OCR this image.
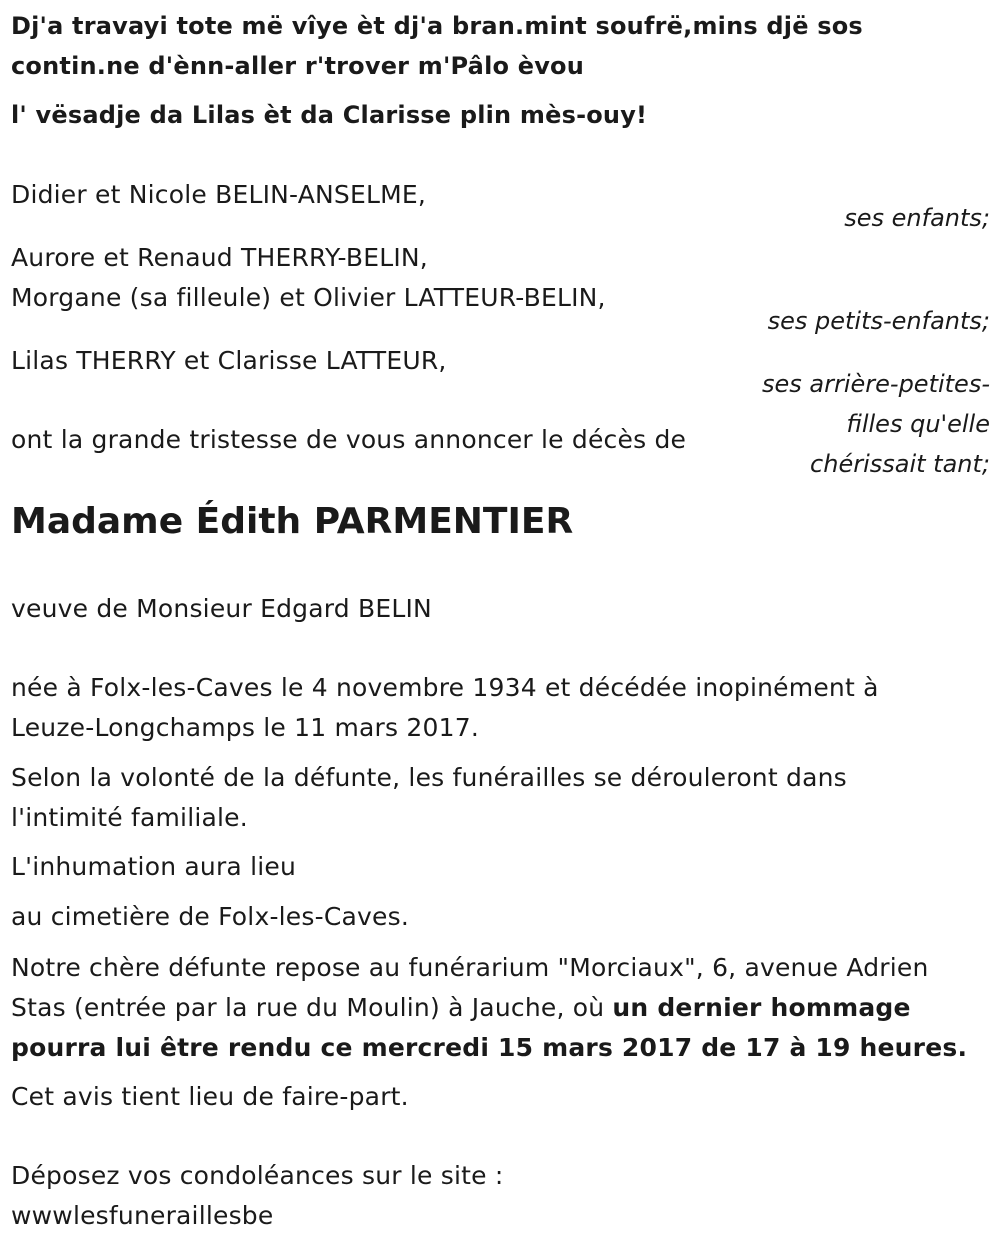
Dj'a travayi tote më vîye èt dj'a bran.mint soufrë,mins djë sos
contin.ne d'ènn-aller r'trover m'Pâlo èvou
l' vësadje da Lilas èt da Clarisse plin mès-ouy!
Didier et Nicole BELIN-ANSELME,
ses enfants;
Aurore et Renaud THERRY-BELIN,
Morgane (sa filleule) et Olivier LATTEUR-BELIN,
ses petits-enfants;
Lilas THERRY et Clarisse LATTEUR,
ses arrière-petites-
filles qu'elle
chérissait tant;
ont la grande tristesse de vous annoncer le décès de
Madame Édith PARMENTIER
veuve de Monsieur Edgard BELIN
née à Folx-les-Caves le 4 novembre 1934 et décédée inopinément à
Leuze-Longchamps le 11 mars 2017.
Selon la volonté de la défunte, les funérailles se dérouleront dans
l'intimité familiale.
L'inhumation aura lieu
au cimetière de Folx-les-Caves.
Notre chère défunte repose au funérarium "Morciaux", 6, avenue Adrien
Stas (entrée par la rue du Moulin) à Jauche, où un dernier hommage
pourra lui être rendu ce mercredi 15 mars 2017 de 17 à 19 heures.
Cet avis tient lieu de faire-part.
Déposez vos condoléances sur le site :
wwwlesfuneraillesbe
